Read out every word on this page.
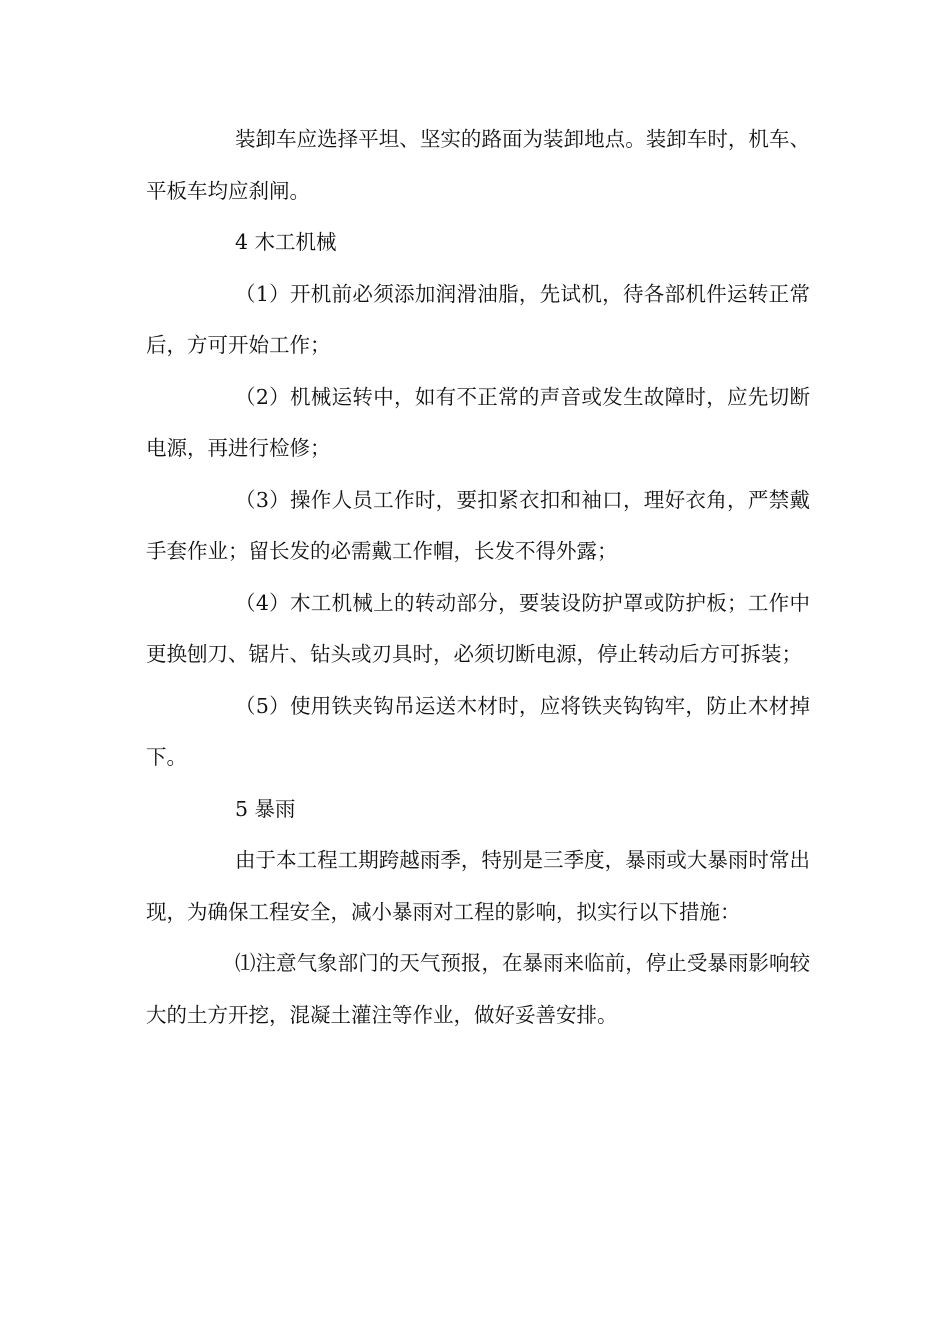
装卸车应选择平坦、坚实的路面为装卸地点。装卸车时，机车、平板车均应刹闸。

4 木工机械

（1）开机前必须添加润滑油脂，先试机，待各部机件运转正常后，方可开始工作；

（2）机械运转中，如有不正常的声音或发生故障时，应先切断电源，再进行检修；

（3）操作人员工作时，要扣紧衣扣和袖口，理好衣角，严禁戴手套作业；留长发的必需戴工作帽，长发不得外露；

（4）木工机械上的转动部分，要装设防护罩或防护板；工作中更换刨刀、锯片、钻头或刃具时，必须切断电源，停止转动后方可拆装；

（5）使用铁夹钩吊运送木材时，应将铁夹钩钩牢，防止木材掉下。

5 暴雨

由于本工程工期跨越雨季，特别是三季度，暴雨或大暴雨时常出现，为确保工程安全，减小暴雨对工程的影响，拟实行以下措施：

⑴注意气象部门的天气预报，在暴雨来临前，停止受暴雨影响较大的土方开挖，混凝土灌注等作业，做好妥善安排。
